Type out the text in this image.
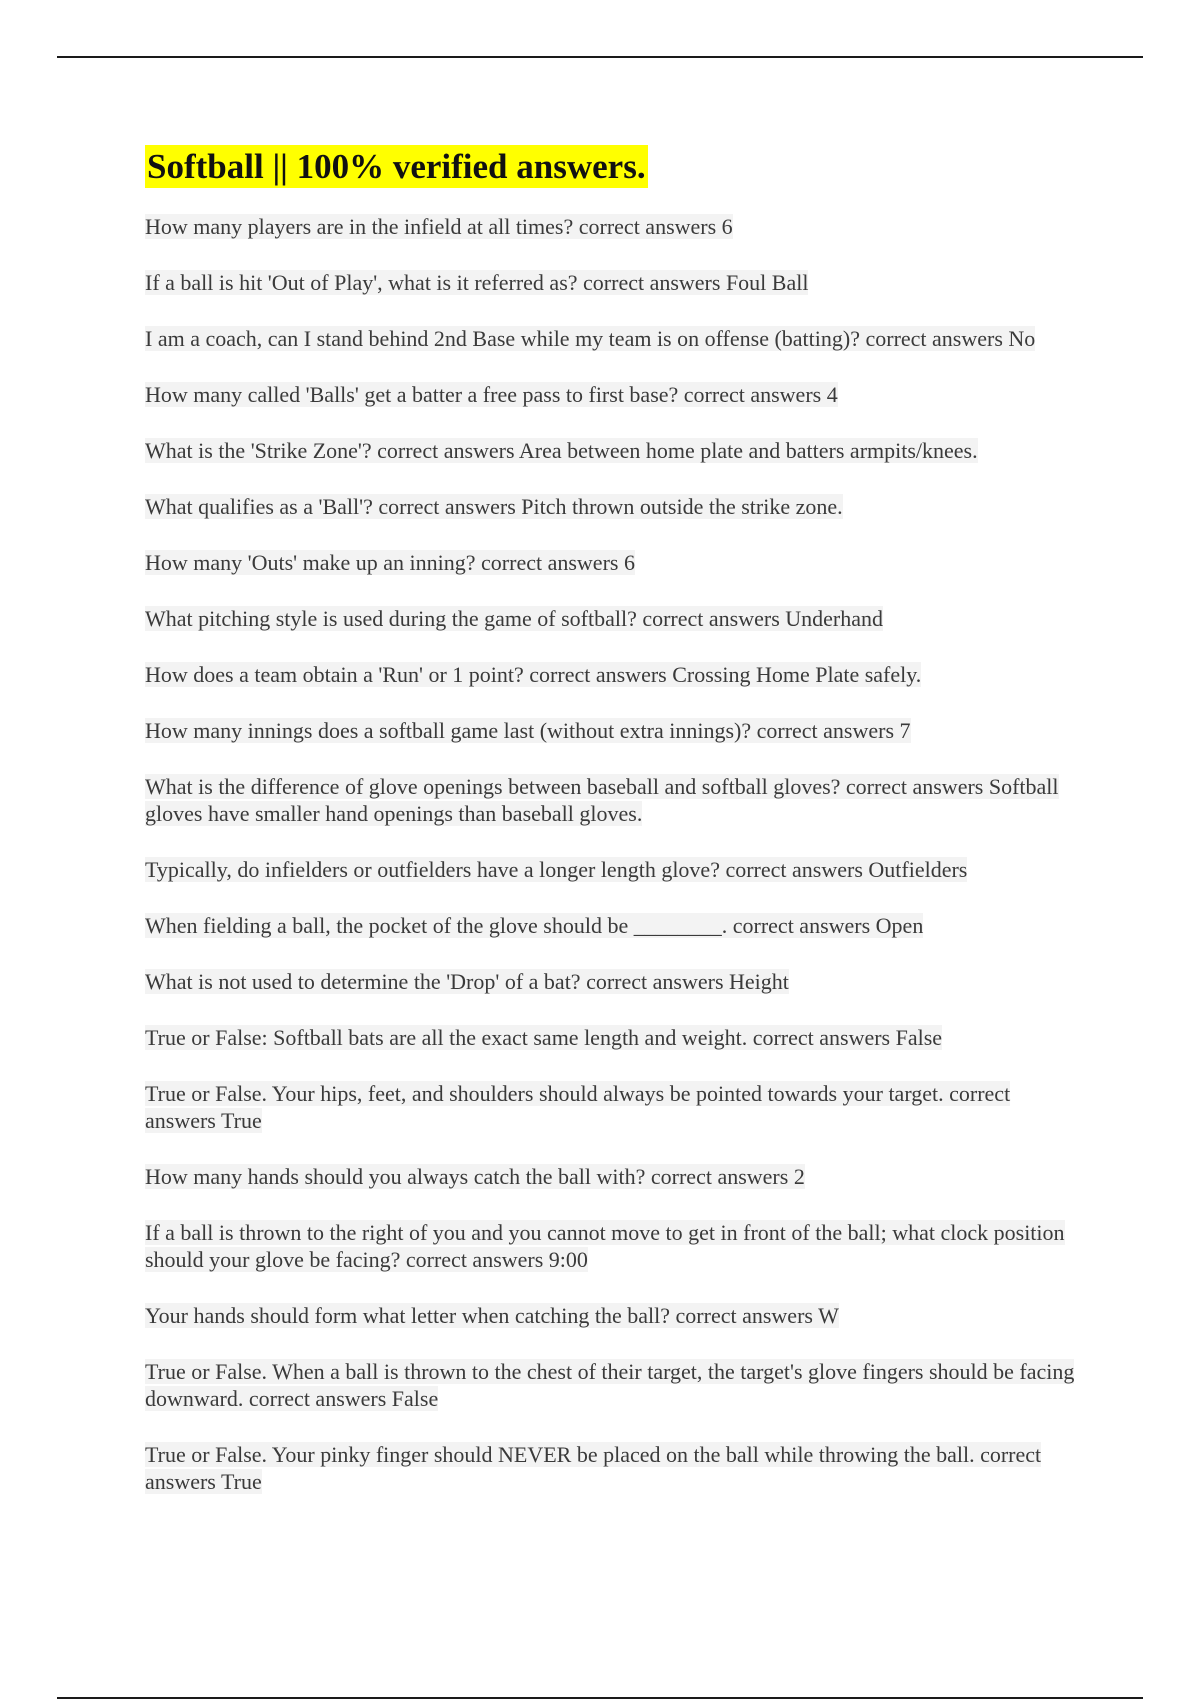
Softball || 100% verified answers.

How many players are in the infield at all times? correct answers 6

If a ball is hit 'Out of Play', what is it referred as? correct answers Foul Ball

I am a coach, can I stand behind 2nd Base while my team is on offense (batting)? correct answers No

How many called 'Balls' get a batter a free pass to first base? correct answers 4

What is the 'Strike Zone'? correct answers Area between home plate and batters armpits/knees.

What qualifies as a 'Ball'? correct answers Pitch thrown outside the strike zone.

How many 'Outs' make up an inning? correct answers 6

What pitching style is used during the game of softball? correct answers Underhand

How does a team obtain a 'Run' or 1 point? correct answers Crossing Home Plate safely.

How many innings does a softball game last (without extra innings)? correct answers 7

What is the difference of glove openings between baseball and softball gloves? correct answers Softball gloves have smaller hand openings than baseball gloves.

Typically, do infielders or outfielders have a longer length glove? correct answers Outfielders

When fielding a ball, the pocket of the glove should be ________. correct answers Open

What is not used to determine the 'Drop' of a bat? correct answers Height

True or False: Softball bats are all the exact same length and weight. correct answers False

True or False. Your hips, feet, and shoulders should always be pointed towards your target. correct answers True

How many hands should you always catch the ball with? correct answers 2

If a ball is thrown to the right of you and you cannot move to get in front of the ball; what clock position should your glove be facing? correct answers 9:00

Your hands should form what letter when catching the ball? correct answers W

True or False. When a ball is thrown to the chest of their target, the target's glove fingers should be facing downward. correct answers False

True or False. Your pinky finger should NEVER be placed on the ball while throwing the ball. correct answers True
